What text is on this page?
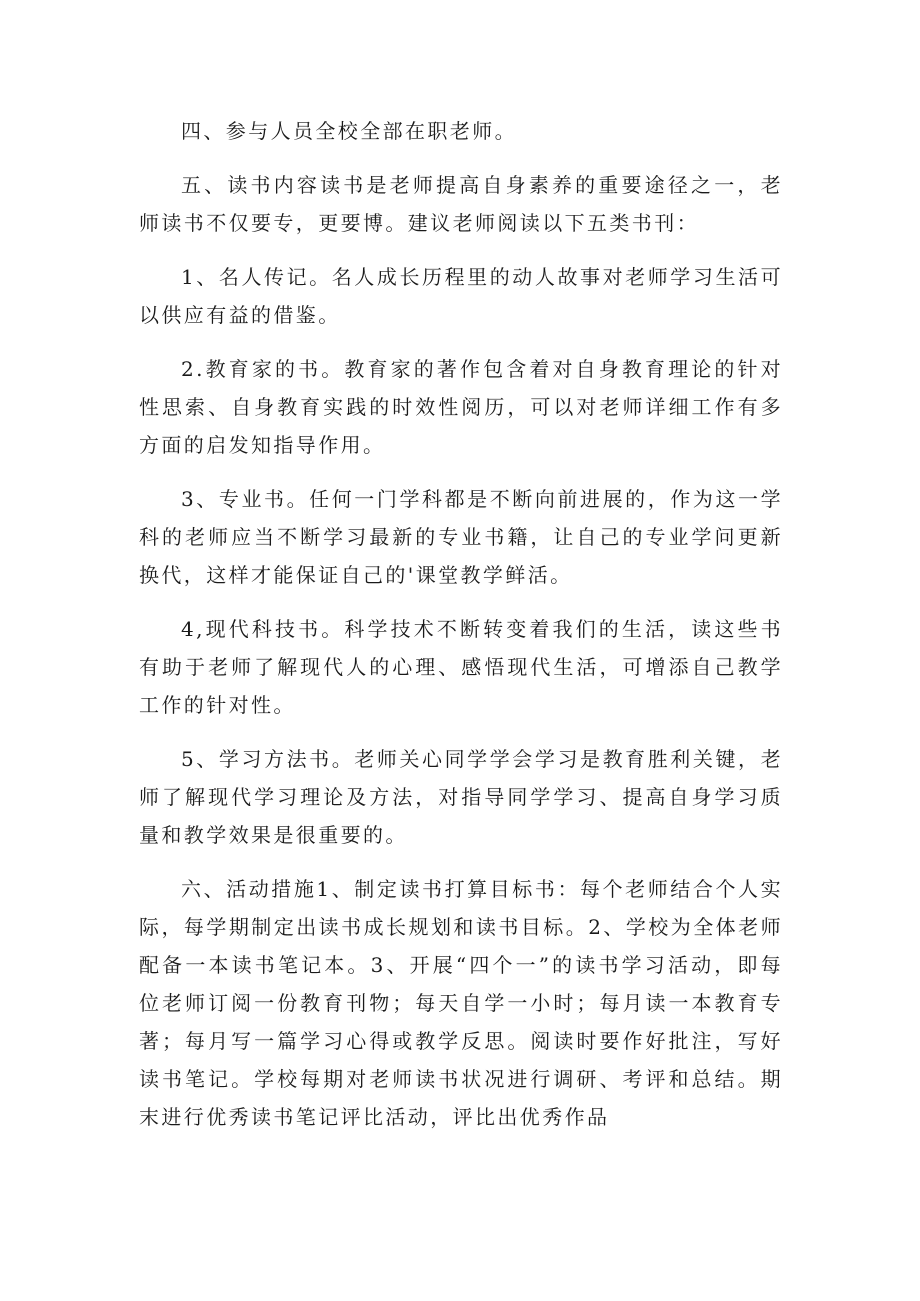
四、参与人员全校全部在职老师。

五、读书内容读书是老师提高自身素养的重要途径之一，老师读书不仅要专，更要博。建议老师阅读以下五类书刊：

1、名人传记。名人成长历程里的动人故事对老师学习生活可以供应有益的借鉴。

2.教育家的书。教育家的著作包含着对自身教育理论的针对性思索、自身教育实践的时效性阅历，可以对老师详细工作有多方面的启发知指导作用。

3、专业书。任何一门学科都是不断向前进展的，作为这一学科的老师应当不断学习最新的专业书籍，让自己的专业学问更新换代，这样才能保证自己的'课堂教学鲜活。

4,现代科技书。科学技术不断转变着我们的生活，读这些书有助于老师了解现代人的心理、感悟现代生活，可增添自己教学工作的针对性。

5、学习方法书。老师关心同学学会学习是教育胜利关键，老师了解现代学习理论及方法，对指导同学学习、提高自身学习质量和教学效果是很重要的。

六、活动措施1、制定读书打算目标书：每个老师结合个人实际，每学期制定出读书成长规划和读书目标。2、学校为全体老师配备一本读书笔记本。3、开展“四个一”的读书学习活动，即每位老师订阅一份教育刊物；每天自学一小时；每月读一本教育专著；每月写一篇学习心得或教学反思。阅读时要作好批注，写好读书笔记。学校每期对老师读书状况进行调研、考评和总结。期末进行优秀读书笔记评比活动，评比出优秀作品
